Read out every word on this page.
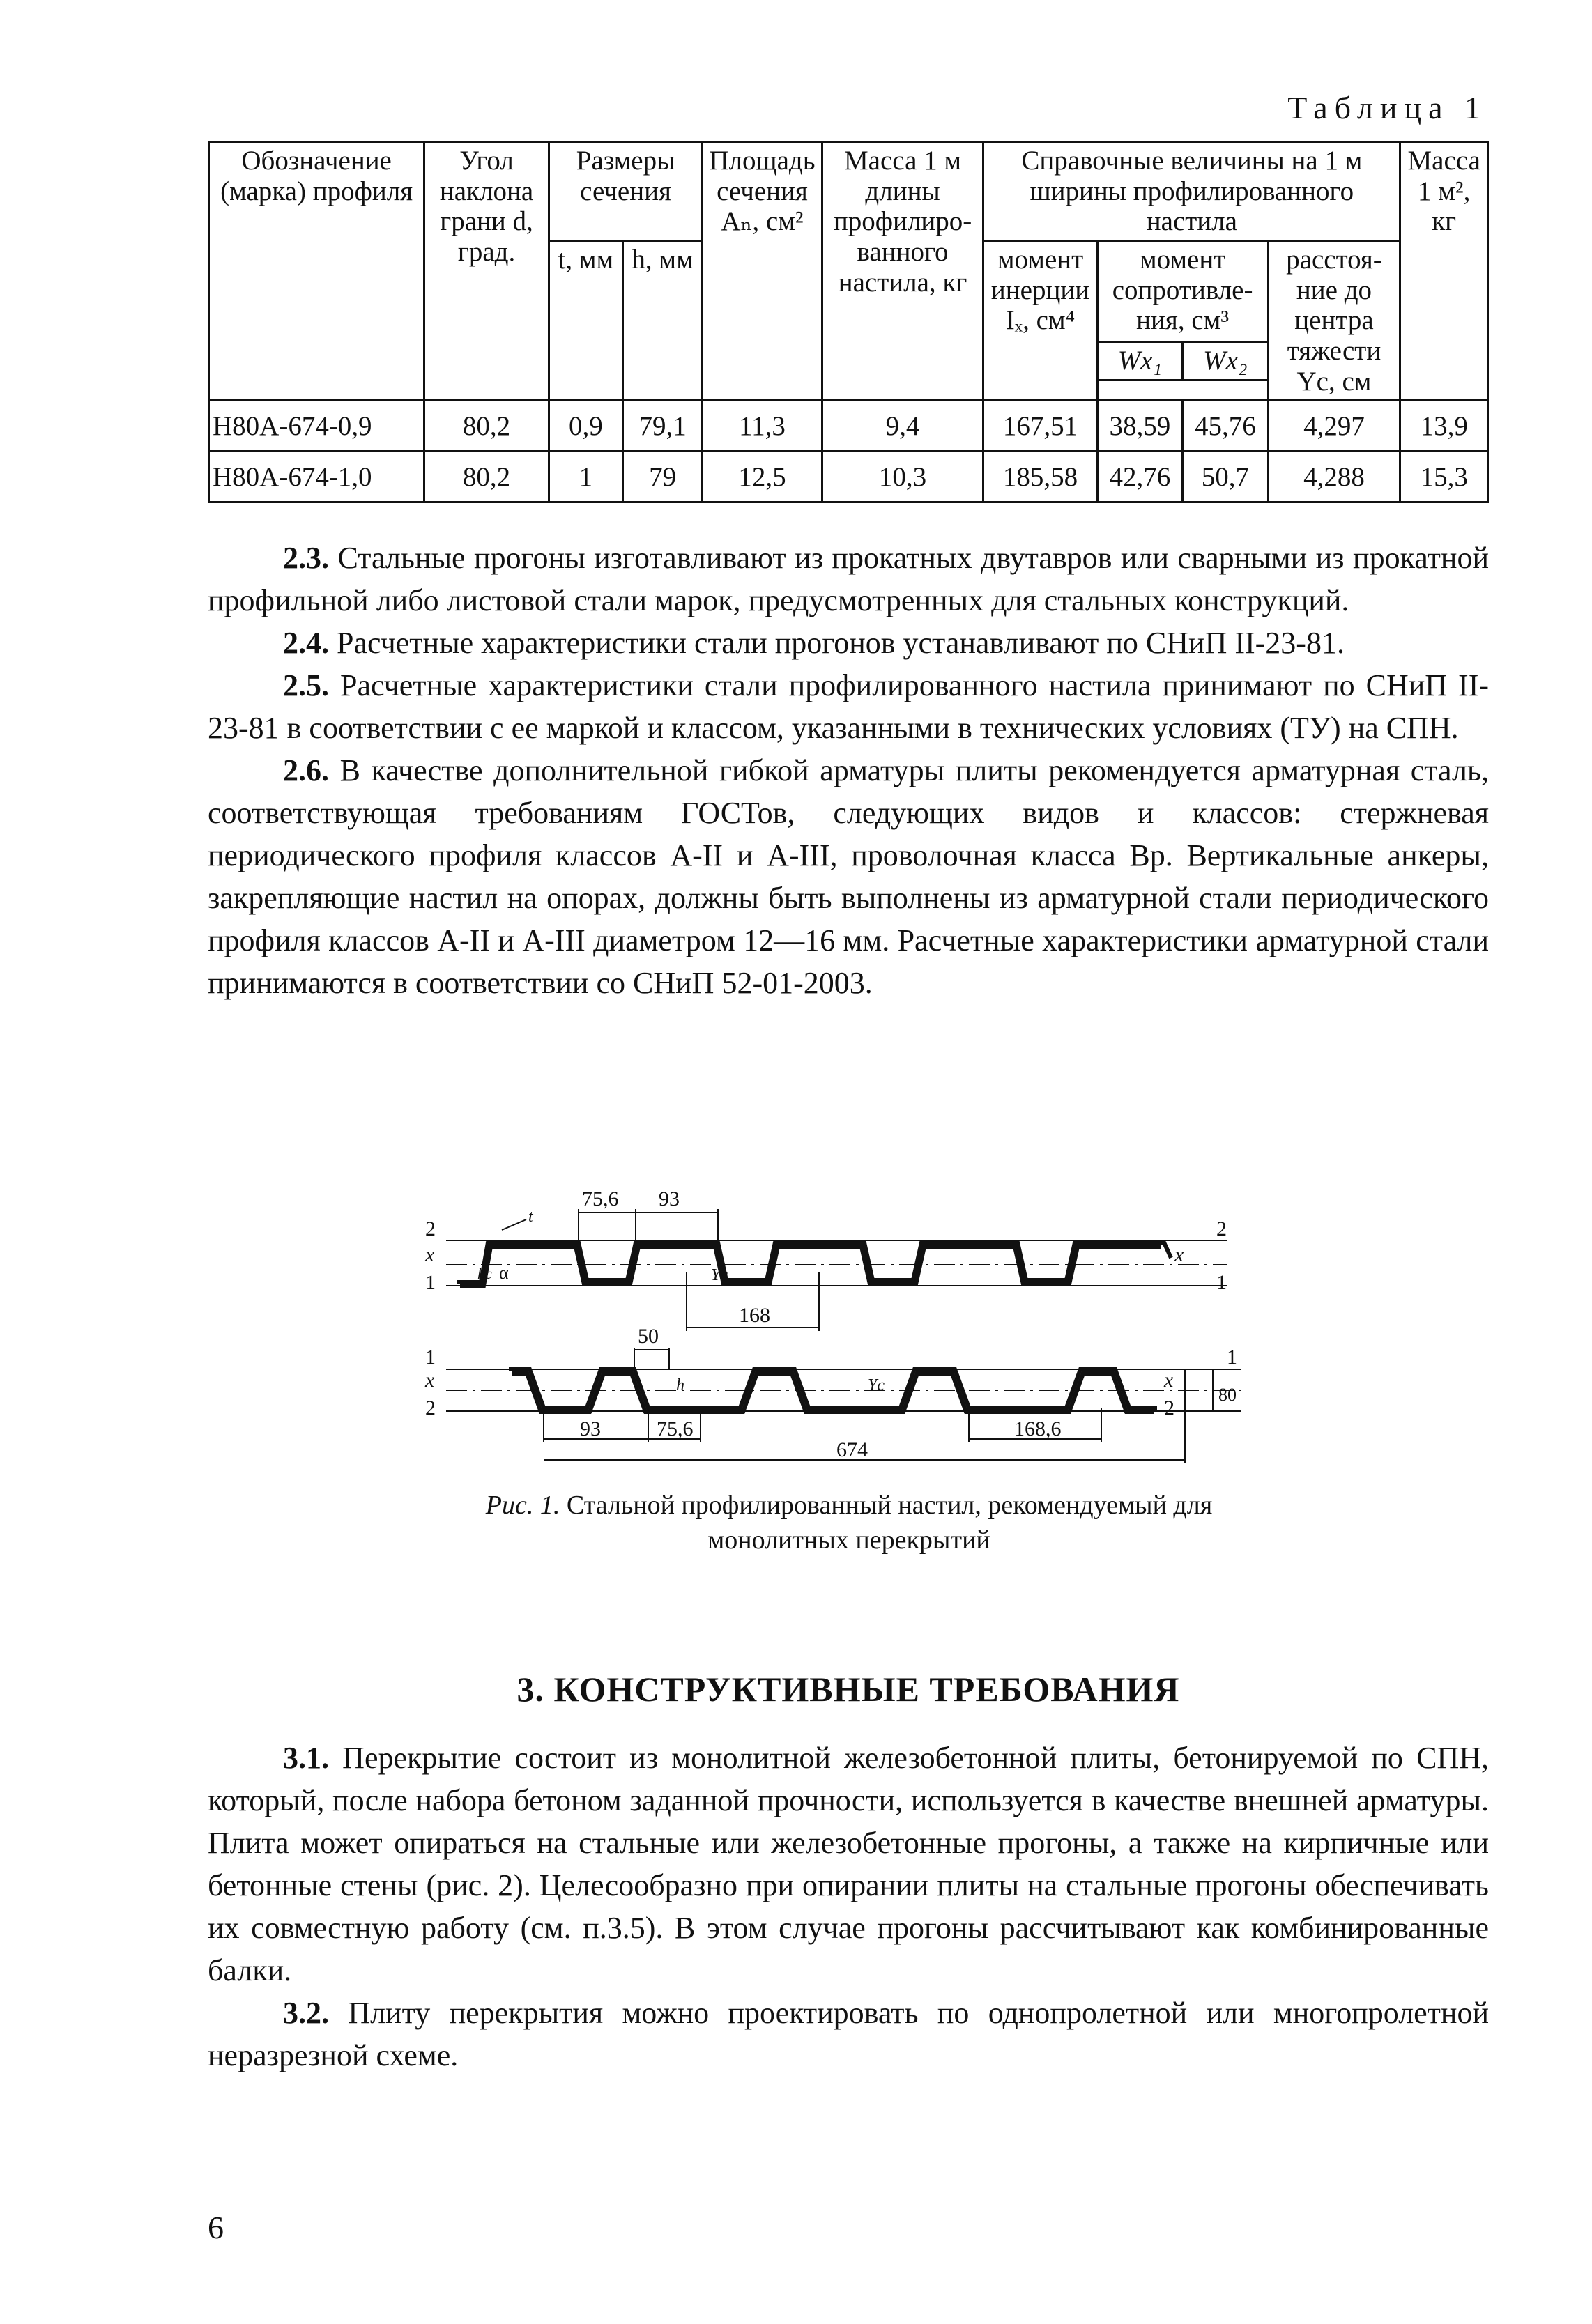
Таблица 1
Обозначение (марка) профиля	Угол наклона грани d, град.	Размеры сечения		Площадь сечения Aₙ, см²	Масса 1 м длины профилиро-ванного настила, кг	Справочные величины на 1 м ширины профилированного настила				Масса 1 м², кг
		t, мм	h, мм			момент инерции Iₓ, см⁴	момент сопротивле-ния, см³		расстоя-ние до центра тяжести Yc, см	
							Wx₁	Wx₂		

Н80А-674-0,9	80,2	0,9	79,1	11,3	9,4	167,51	38,59	45,76	4,297	13,9
Н80А-674-1,0	80,2	1	79	12,5	10,3	185,58	42,76	50,7	4,288	15,3

2.3. Стальные прогоны изготавливают из прокатных двутавров или сварными из прокатной профильной либо листовой стали марок, предусмотренных для стальных конструкций.

2.4. Расчетные характеристики стали прогонов устанавливают по СНиП II-23-81.

2.5. Расчетные характеристики стали профилированного настила принимают по СНиП II-23-81 в соответствии с ее маркой и классом, указанными в технических условиях (ТУ) на СПН.

2.6. В качестве дополнительной гибкой арматуры плиты рекомендуется арматурная сталь, соответствующая требованиям ГОСТов, следующих видов и классов: стержневая периодического профиля классов A-II и A-III, проволочная класса Вр. Вертикальные анкеры, закрепляющие настил на опорах, должны быть выполнены из арматурной стали периодического профиля классов A-II и A-III диаметром 12—16 мм. Расчетные характеристики арматурной стали принимаются в соответствии со СНиП 52-01-2003.

75,6 93
168
2
x
1
2
x
1
t
α
hc	Yc
50
93	75,6
674
168,6
80
1
x
2
1
x
2
h	Yc
Рис. 1. Стальной профилированный настил, рекомендуемый для монолитных перекрытий
3. КОНСТРУКТИВНЫЕ ТРЕБОВАНИЯ

3.1. Перекрытие состоит из монолитной железобетонной плиты, бетонируемой по СПН, который, после набора бетоном заданной прочности, используется в качестве внешней арматуры. Плита может опираться на стальные или железобетонные прогоны, а также на кирпичные или бетонные стены (рис. 2). Целесообразно при опирании плиты на стальные прогоны обеспечивать их совместную работу (см. п.3.5). В этом случае прогоны рассчитывают как комбинированные балки.

3.2. Плиту перекрытия можно проектировать по однопролетной или многопролетной неразрезной схеме.

6
